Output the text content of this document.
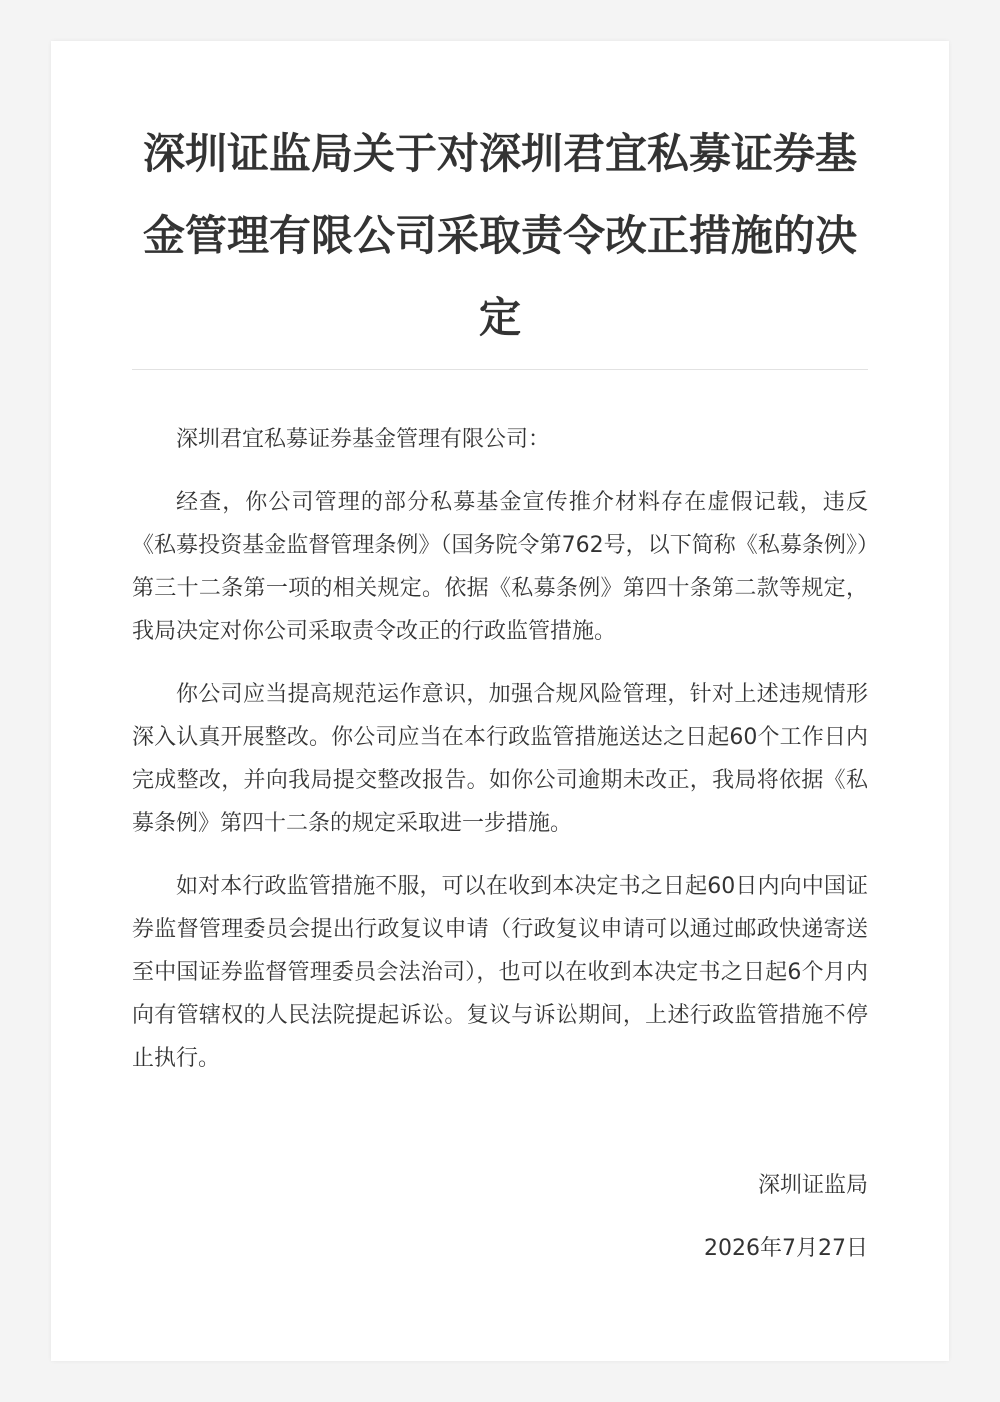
深圳证监局关于对深圳君宜私募证券基金管理有限公司采取责令改正措施的决定

深圳君宜私募证券基金管理有限公司：

经查，你公司管理的部分私募基金宣传推介材料存在虚假记载，违反《私募投资基金监督管理条例》（国务院令第762号，以下简称《私募条例》）第三十二条第一项的相关规定。依据《私募条例》第四十条第二款等规定，我局决定对你公司采取责令改正的行政监管措施。

你公司应当提高规范运作意识，加强合规风险管理，针对上述违规情形深入认真开展整改。你公司应当在本行政监管措施送达之日起60个工作日内完成整改，并向我局提交整改报告。如你公司逾期未改正，我局将依据《私募条例》第四十二条的规定采取进一步措施。

如对本行政监管措施不服，可以在收到本决定书之日起60日内向中国证券监督管理委员会提出行政复议申请（行政复议申请可以通过邮政快递寄送至中国证券监督管理委员会法治司），也可以在收到本决定书之日起6个月内向有管辖权的人民法院提起诉讼。复议与诉讼期间，上述行政监管措施不停止执行。

深圳证监局
2026年7月27日
